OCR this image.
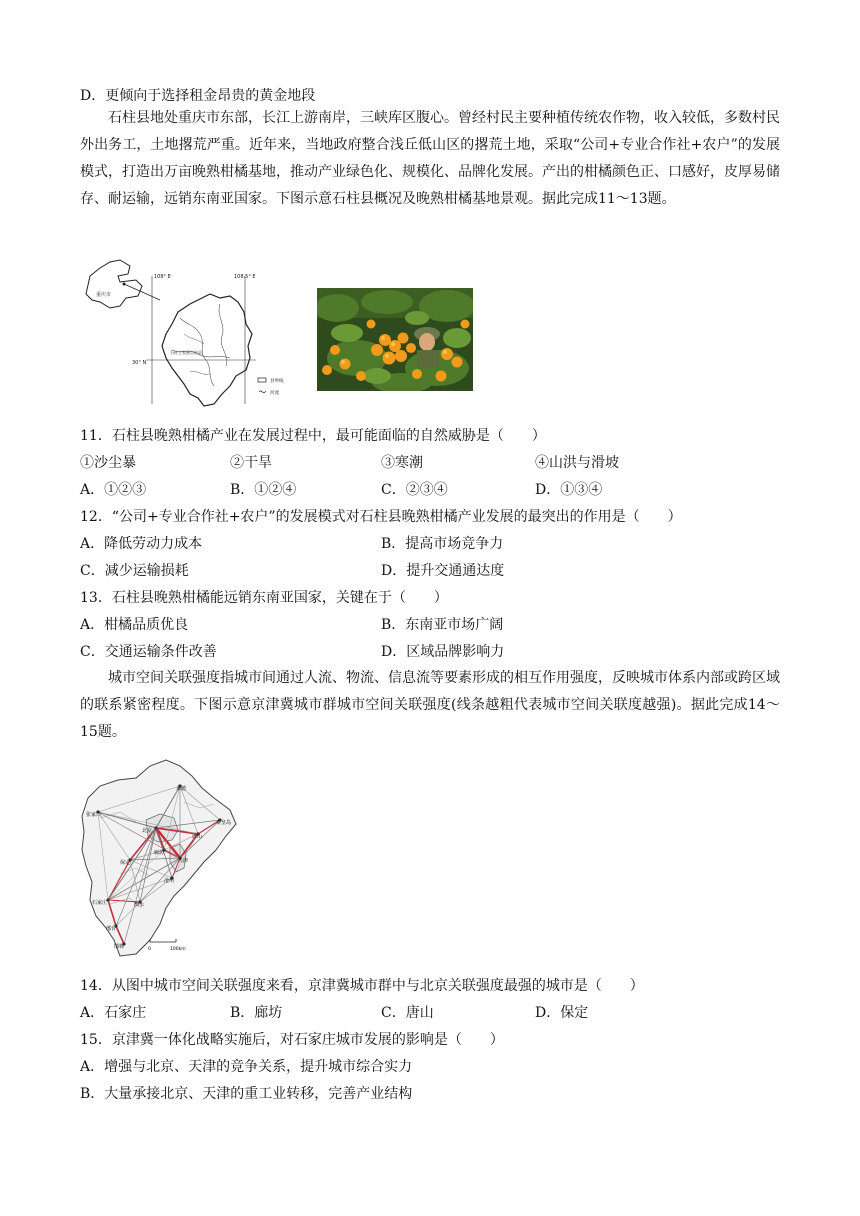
D．更倾向于选择租金昂贵的黄金地段
石柱县地处重庆市东部，长江上游南岸，三峡库区腹心。曾经村民主要种植传统农作物，收入较低，多数村民外出务工，土地撂荒严重。近年来，当地政府整合浅丘低山区的撂荒土地，采取“公司+专业合作社+农户”的发展模式，打造出万亩晚熟柑橘基地，推动产业绿色化、规模化、品牌化发展。产出的柑橘颜色正、口感好，皮厚易储存、耐运输，远销东南亚国家。下图示意石柱县概况及晚熟柑橘基地景观。据此完成11～13题。
重庆市
108° E	108.5° E
30° N
石柱土家族自治县
县界线
河流
11．石柱县晚熟柑橘产业在发展过程中，最可能面临的自然威胁是（　　）
①沙尘暴	②干旱	③寒潮	④山洪与滑坡
A．①②③	B．①②④	C．②③④	D．①③④
12．“公司+专业合作社+农户”的发展模式对石柱县晚熟柑橘产业发展的最突出的作用是（　　）
A．降低劳动力成本	B．提高市场竞争力
C．减少运输损耗	D．提升交通通达度
13．石柱县晚熟柑橘能远销东南亚国家，关键在于（　　）
A．柑橘品质优良	B．东南亚市场广阔
C．交通运输条件改善	D．区域品牌影响力
城市空间关联强度指城市间通过人流、物流、信息流等要素形成的相互作用强度，反映城市体系内部或跨区域的联系紧密程度。下图示意京津冀城市群城市空间关联强度(线条越粗代表城市空间关联度越强)。据此完成14～15题。
张家口
承德
北京
秦皇岛
唐山
廊坊
天津
保定
沧州
石家庄	衡水
邢台
邯郸	0	100km
14．从图中城市空间关联强度来看，京津冀城市群中与北京关联强度最强的城市是（　　）
A．石家庄	B．廊坊	C．唐山	D．保定
15．京津冀一体化战略实施后，对石家庄城市发展的影响是（　　）
A．增强与北京、天津的竞争关系，提升城市综合实力
B．大量承接北京、天津的重工业转移，完善产业结构
